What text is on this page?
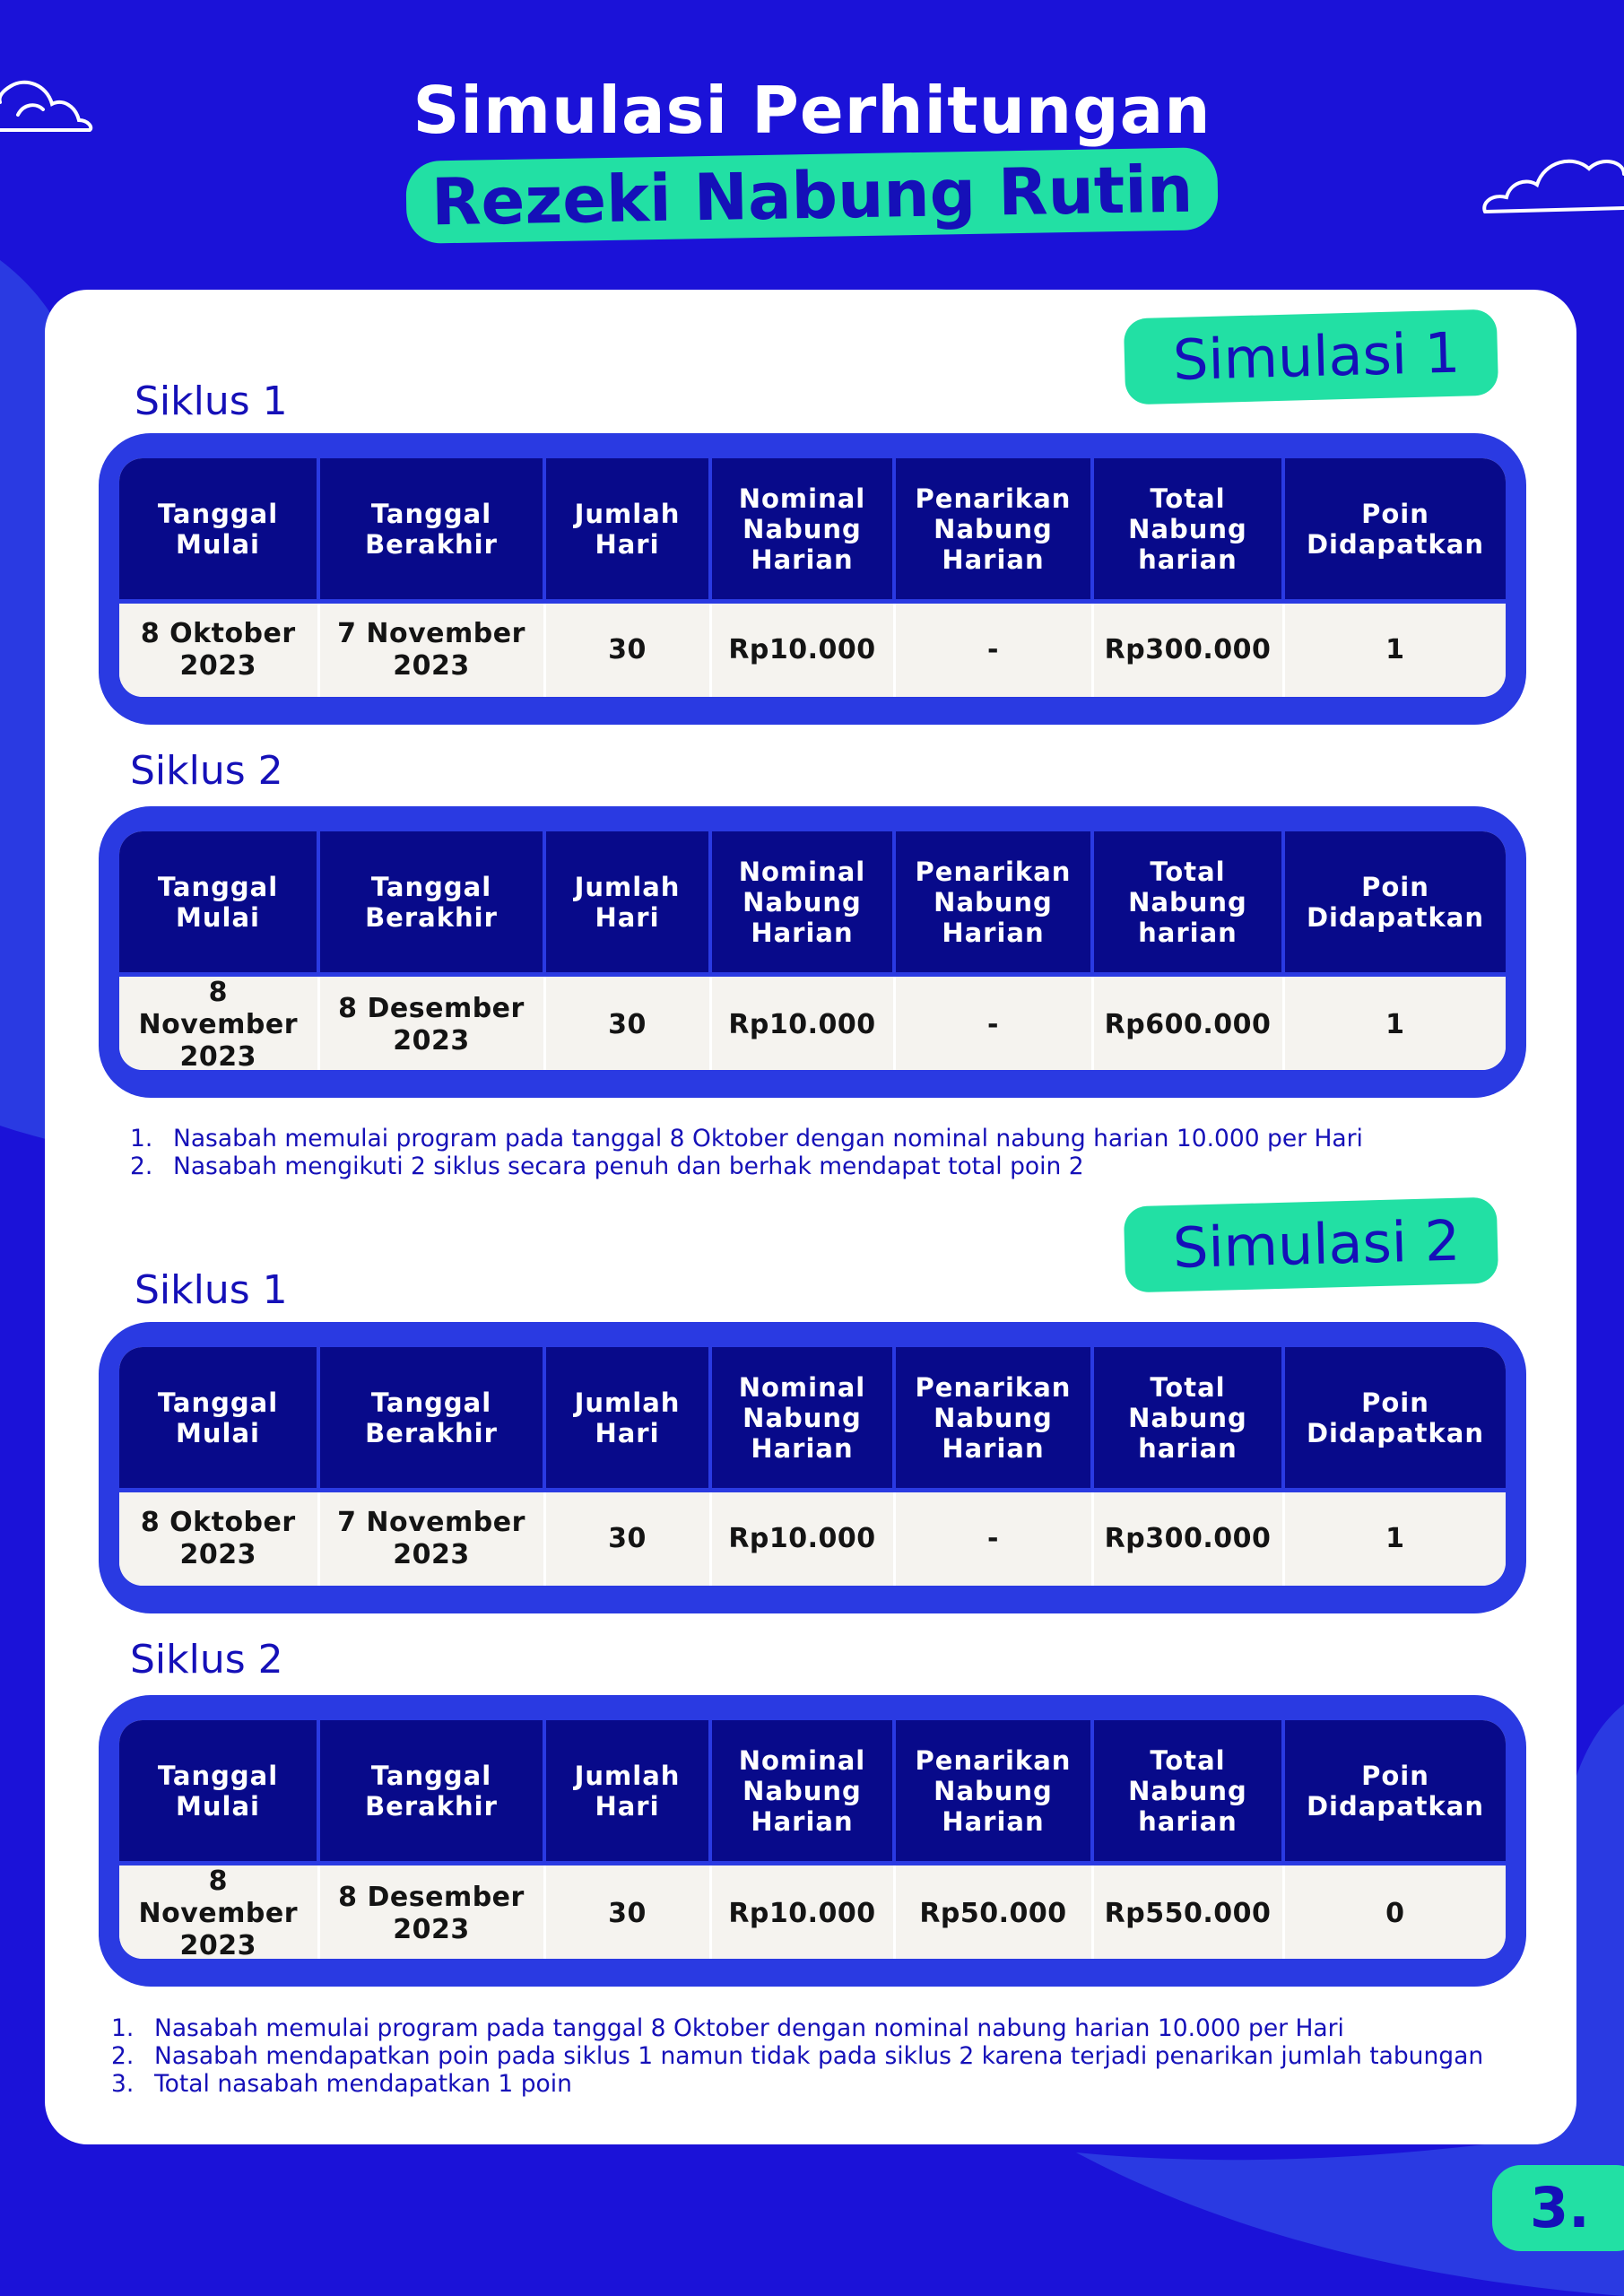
Simulasi Perhitungan
Rezeki Nabung Rutin
Simulasi 1
Siklus 1
Tanggal Mulai	Tanggal Berakhir	Jumlah Hari	Nominal Nabung Harian	Penarikan Nabung Harian	Total Nabung harian	Poin Didapatkan
8 Oktober 2023	7 November 2023	30	Rp10.000	-	Rp300.000	1
Siklus 2
Tanggal Mulai	Tanggal Berakhir	Jumlah Hari	Nominal Nabung Harian	Penarikan Nabung Harian	Total Nabung harian	Poin Didapatkan
8 November 2023	8 Desember 2023	30	Rp10.000	-	Rp600.000	1
1. Nasabah memulai program pada tanggal 8 Oktober dengan nominal nabung harian 10.000 per Hari
2. Nasabah mengikuti 2 siklus secara penuh dan berhak mendapat total poin 2
Simulasi 2
Siklus 1
Tanggal Mulai	Tanggal Berakhir	Jumlah Hari	Nominal Nabung Harian	Penarikan Nabung Harian	Total Nabung harian	Poin Didapatkan
8 Oktober 2023	7 November 2023	30	Rp10.000	-	Rp300.000	1
Siklus 2
Tanggal Mulai	Tanggal Berakhir	Jumlah Hari	Nominal Nabung Harian	Penarikan Nabung Harian	Total Nabung harian	Poin Didapatkan
8 November 2023	8 Desember 2023	30	Rp10.000	Rp50.000	Rp550.000	0
1. Nasabah memulai program pada tanggal 8 Oktober dengan nominal nabung harian 10.000 per Hari
2. Nasabah mendapatkan poin pada siklus 1 namun tidak pada siklus 2 karena terjadi penarikan jumlah tabungan
3. Total nasabah mendapatkan 1 poin
3.
